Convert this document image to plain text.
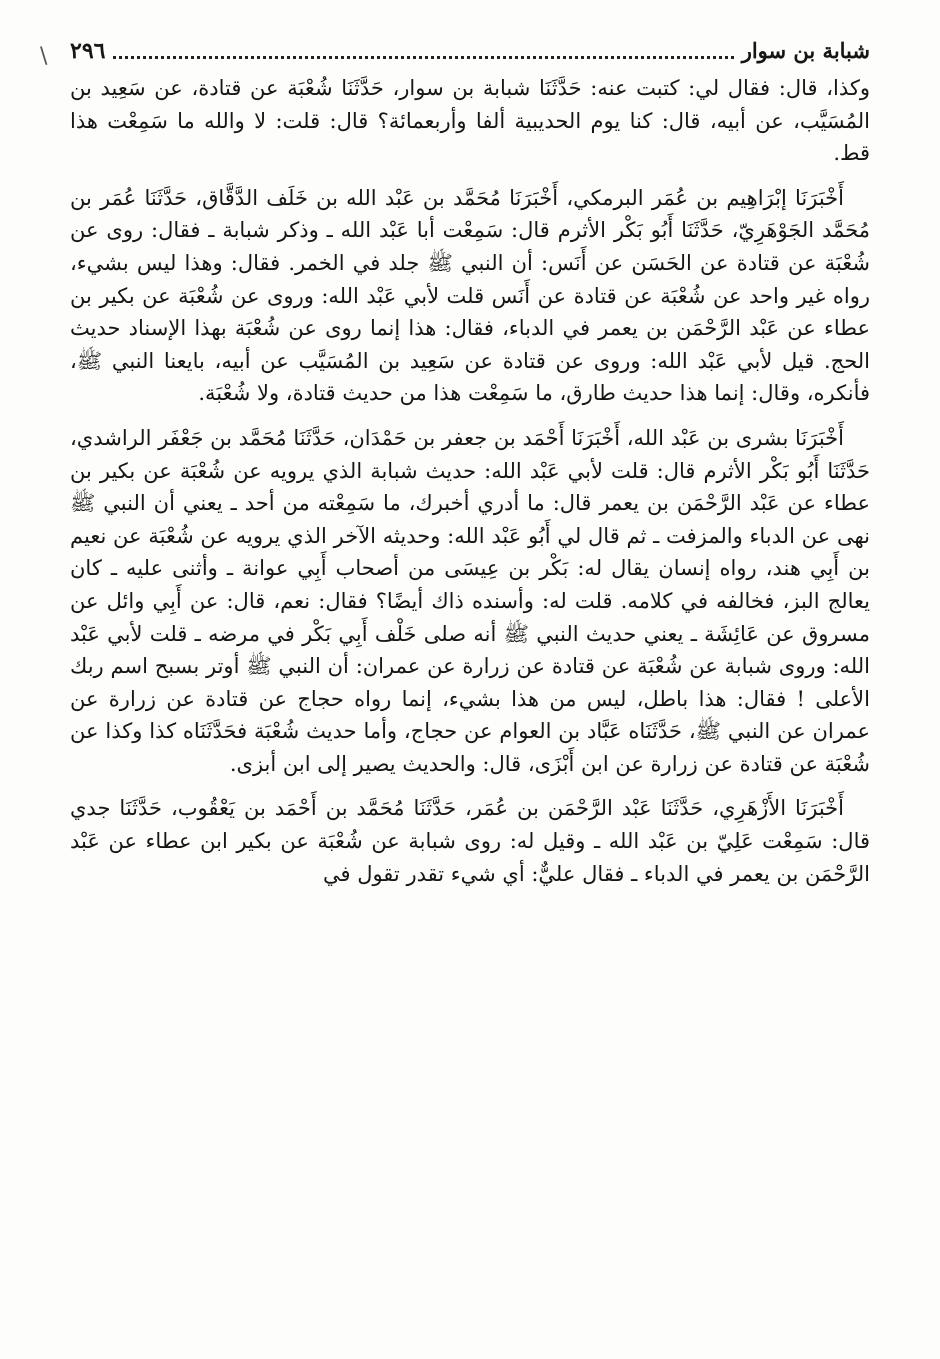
شبابة بن سوار
٢٩٦

وكذا، قال: فقال لي: كتبت عنه: حَدَّثَنَا شبابة بن سوار، حَدَّثَنَا شُعْبَة عن قتادة، عن سَعِيد بن المُسَيَّب، عن أبيه، قال: كنا يوم الحديبية ألفا وأربعمائة؟ قال: قلت: لا والله ما سَمِعْت هذا قط.

أَخْبَرَنَا إبْرَاهِيم بن عُمَر البرمكي، أَخْبَرَنَا مُحَمَّد بن عَبْد الله بن خَلَف الدَّقَّاق، حَدَّثَنَا عُمَر بن مُحَمَّد الجَوْهَرِيّ، حَدَّثَنَا أَبُو بَكْر الأثرم قال: سَمِعْت أبا عَبْد الله ـ وذكر شبابة ـ فقال: روى عن شُعْبَة عن قتادة عن الحَسَن عن أَنَس: أن النبي ﷺ جلد في الخمر. فقال: وهذا ليس بشيء، رواه غير واحد عن شُعْبَة عن قتادة عن أَنَس قلت لأبي عَبْد الله: وروى عن شُعْبَة عن بكير بن عطاء عن عَبْد الرَّحْمَن بن يعمر في الدباء، فقال: هذا إنما روى عن شُعْبَة بهذا الإسناد حديث الحج. قيل لأبي عَبْد الله: وروى عن قتادة عن سَعِيد بن المُسَيَّب عن أبيه، بايعنا النبي ﷺ، فأنكره، وقال: إنما هذا حديث طارق، ما سَمِعْت هذا من حديث قتادة، ولا شُعْبَة.

أَخْبَرَنَا بشرى بن عَبْد الله، أَخْبَرَنَا أَحْمَد بن جعفر بن حَمْدَان، حَدَّثَنَا مُحَمَّد بن جَعْفَر الراشدي، حَدَّثَنَا أَبُو بَكْر الأثرم قال: قلت لأبي عَبْد الله: حديث شبابة الذي يرويه عن شُعْبَة عن بكير بن عطاء عن عَبْد الرَّحْمَن بن يعمر قال: ما أدري أخبرك، ما سَمِعْته من أحد ـ يعني أن النبي ﷺ نهى عن الدباء والمزفت ـ ثم قال لي أَبُو عَبْد الله: وحديثه الآخر الذي يرويه عن شُعْبَة عن نعيم بن أَبِي هند، رواه إنسان يقال له: بَكْر بن عِيسَى من أصحاب أَبِي عوانة ـ وأثنى عليه ـ كان يعالج البز، فخالفه في كلامه. قلت له: وأسنده ذاك أيضًا؟ فقال: نعم، قال: عن أَبِي وائل عن مسروق عن عَائِشَة ـ يعني حديث النبي ﷺ أنه صلى خَلْف أَبِي بَكْر في مرضه ـ قلت لأبي عَبْد الله: وروى شبابة عن شُعْبَة عن قتادة عن زرارة عن عمران: أن النبي ﷺ أوتر بسبح اسم ربك الأعلى ! فقال: هذا باطل، ليس من هذا بشيء، إنما رواه حجاج عن قتادة عن زرارة عن عمران عن النبي ﷺ، حَدَّثَنَاه عَبَّاد بن العوام عن حجاج، وأما حديث شُعْبَة فحَدَّثَنَاه كذا وكذا عن شُعْبَة عن قتادة عن زرارة عن ابن أَبْزَى، قال: والحديث يصير إلى ابن أبزى.

أَخْبَرَنَا الأَزْهَرِي، حَدَّثَنَا عَبْد الرَّحْمَن بن عُمَر، حَدَّثَنَا مُحَمَّد بن أَحْمَد بن يَعْقُوب، حَدَّثَنَا جدي قال: سَمِعْت عَلِيّ بن عَبْد الله ـ وقيل له: روى شبابة عن شُعْبَة عن بكير ابن عطاء عن عَبْد الرَّحْمَن بن يعمر في الدباء ـ فقال عليٌّ: أي شيء تقدر تقول في

\
